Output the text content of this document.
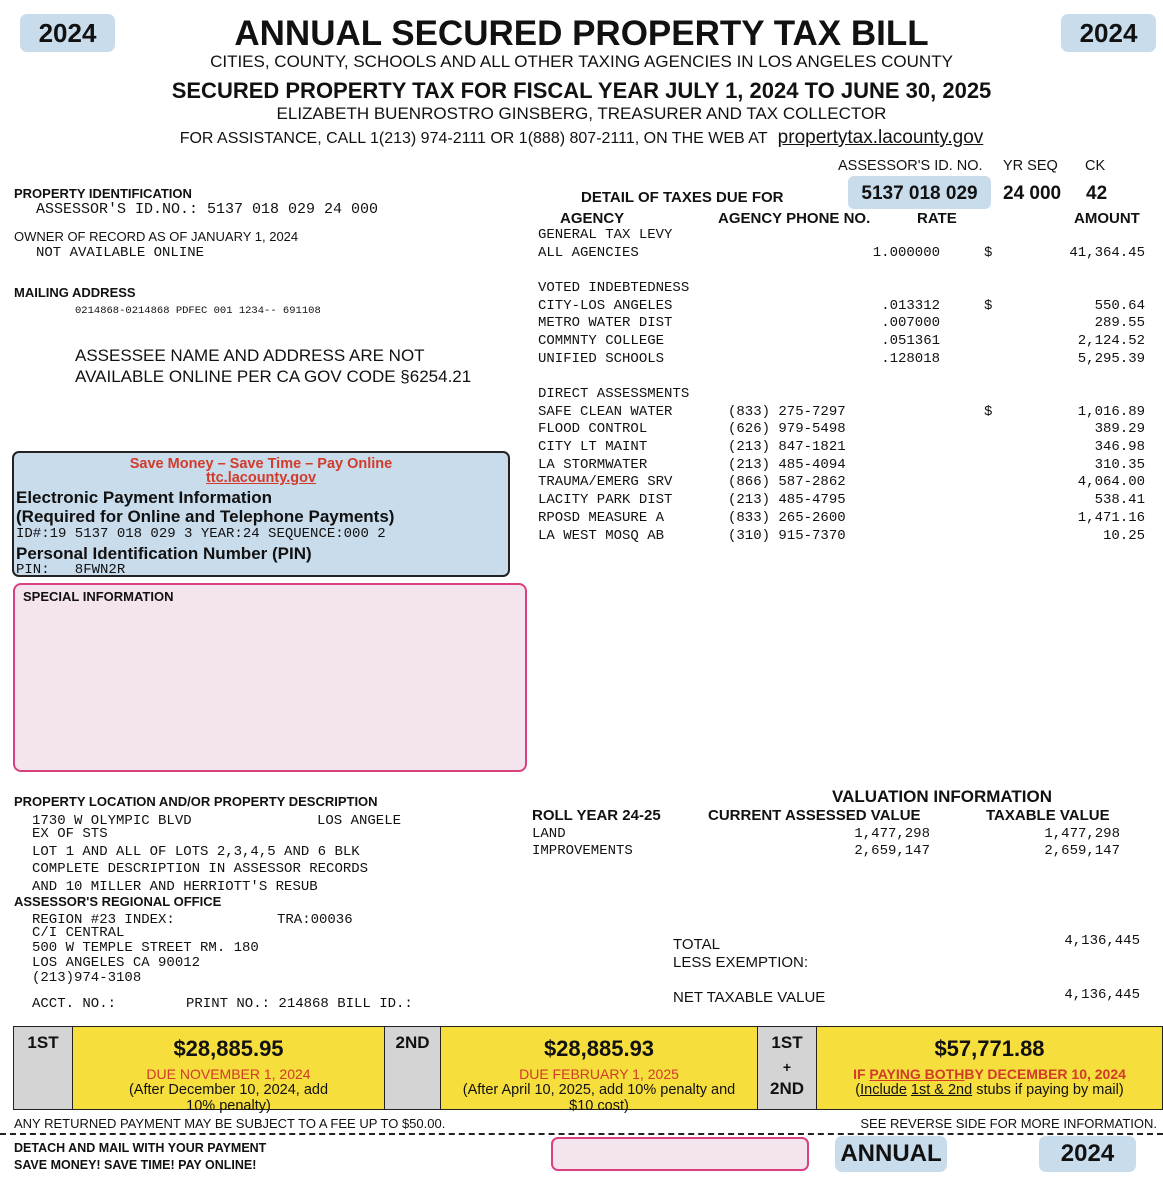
2024	2024
ANNUAL SECURED PROPERTY TAX BILL
CITIES, COUNTY, SCHOOLS AND ALL OTHER TAXING AGENCIES IN LOS ANGELES COUNTY
SECURED PROPERTY TAX FOR FISCAL YEAR JULY 1, 2024 TO JUNE 30, 2025
ELIZABETH BUENROSTRO GINSBERG, TREASURER AND TAX COLLECTOR
FOR ASSISTANCE, CALL 1(213) 974-2111 OR 1(888) 807-2111, ON THE WEB AT propertytax.lacounty.gov
ASSESSOR'S ID. NO. YR SEQ CK
DETAIL OF TAXES DUE FOR	5137 018 029	24 000 42
PROPERTY IDENTIFICATION
ASSESSOR'S ID.NO.: 5137 018 029 24 000
OWNER OF RECORD AS OF JANUARY 1, 2024
NOT AVAILABLE ONLINE
MAILING ADDRESS
0214868-0214868 PDFEC 001 1234-- 691108
ASSESSEE NAME AND ADDRESS ARE NOT
AVAILABLE ONLINE PER CA GOV CODE §6254.21
Save Money – Save Time – Pay Online
ttc.lacounty.gov
Electronic Payment Information
(Required for Online and Telephone Payments)
ID#:19 5137 018 029 3 YEAR:24 SEQUENCE:000 2
Personal Identification Number (PIN)
PIN:   8FWN2R
SPECIAL INFORMATION
AGENCY	AGENCY PHONE NO.	RATE	AMOUNT
GENERAL TAX LEVY
ALL AGENCIES	1.000000	$	41,364.45
VOTED INDEBTEDNESS
CITY-LOS ANGELES	.013312	$	550.64
METRO WATER DIST	.007000	289.55
COMMNTY COLLEGE	.051361	2,124.52
UNIFIED SCHOOLS	.128018	5,295.39
DIRECT ASSESSMENTS
SAFE CLEAN WATER	(833) 275-7297	$	1,016.89
FLOOD CONTROL	(626) 979-5498	389.29
CITY LT MAINT	(213) 847-1821	346.98
LA STORMWATER	(213) 485-4094	310.35
TRAUMA/EMERG SRV	(866) 587-2862	4,064.00
LACITY PARK DIST	(213) 485-4795	538.41
RPOSD MEASURE A	(833) 265-2600	1,471.16
LA WEST MOSQ AB	(310) 915-7370	10.25
PROPERTY LOCATION AND/OR PROPERTY DESCRIPTION
1730 W OLYMPIC BLVD	LOS ANGELE
EX OF STS
LOT 1 AND ALL OF LOTS 2,3,4,5 AND 6 BLK
COMPLETE DESCRIPTION IN ASSESSOR RECORDS
AND 10 MILLER AND HERRIOTT'S RESUB
ASSESSOR'S REGIONAL OFFICE
REGION #23 INDEX:	TRA:00036
C/I CENTRAL
500 W TEMPLE STREET RM. 180
LOS ANGELES CA 90012
(213)974-3108
ACCT. NO.:	PRINT NO.: 214868 BILL ID.:
VALUATION INFORMATION
ROLL YEAR 24-25	CURRENT ASSESSED VALUE	TAXABLE VALUE
LAND	1,477,298	1,477,298
IMPROVEMENTS	2,659,147	2,659,147
TOTAL	4,136,445
LESS EXEMPTION:
NET TAXABLE VALUE	4,136,445
1ST	$28,885.95
DUE NOVEMBER 1, 2024
(After December 10, 2024, add 10% penalty)
2ND	$28,885.93
DUE FEBRUARY 1, 2025
(After April 10, 2025, add 10% penalty and $10 cost)
1ST
+
2ND
$57,771.88
IF PAYING BOTHBY DECEMBER 10, 2024
(Include 1st & 2nd stubs if paying by mail)
ANY RETURNED PAYMENT MAY BE SUBJECT TO A FEE UP TO $50.00.	SEE REVERSE SIDE FOR MORE INFORMATION.
DETACH AND MAIL WITH YOUR PAYMENT
SAVE MONEY! SAVE TIME! PAY ONLINE!	ANNUAL	2024
